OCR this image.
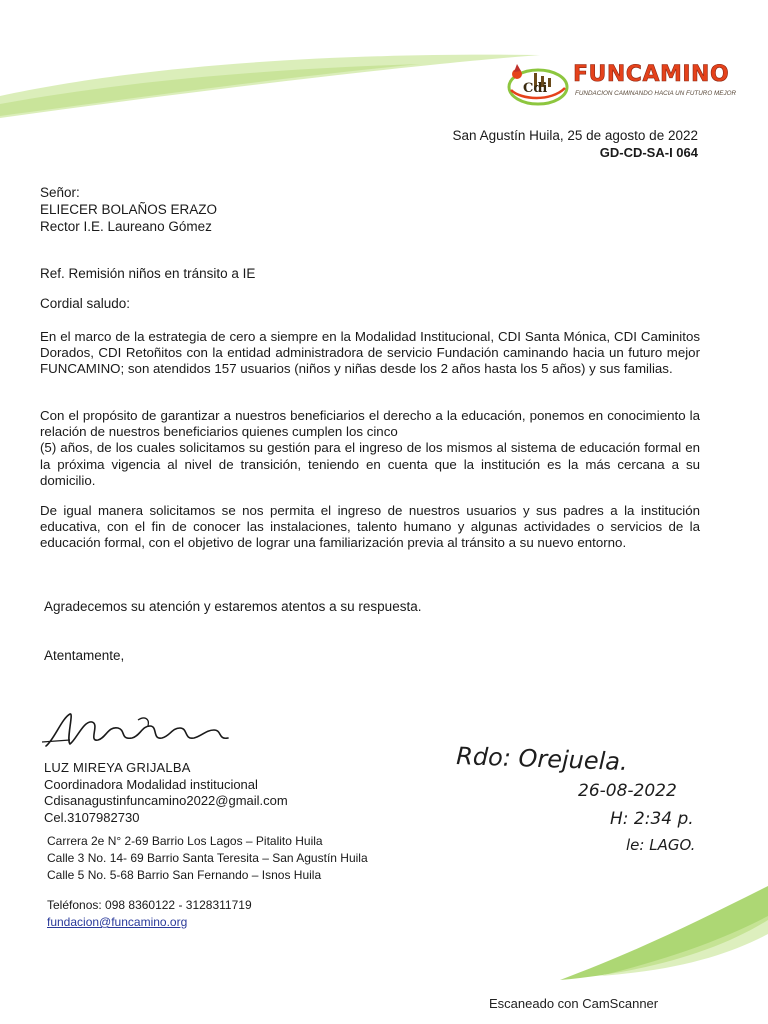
Cdi
FUNCAMINO
FUNDACION CAMINANDO HACIA UN FUTURO MEJOR
San Agustín Huila, 25 de agosto de 2022
GD-CD-SA-I 064
Señor:
ELIECER BOLAÑOS ERAZO
Rector I.E. Laureano Gómez
Ref. Remisión niños en tránsito a IE
Cordial saludo:

En el marco de la estrategia de cero a siempre en la Modalidad Institucional, CDI Santa Mónica, CDI Caminitos Dorados, CDI Retoñitos con la entidad administradora de servicio Fundación caminando hacia un futuro mejor FUNCAMINO; son atendidos 157 usuarios (niños y niñas desde los 2 años hasta los 5 años) y sus familias.

Con el propósito de garantizar a nuestros beneficiarios el derecho a la educación, ponemos en conocimiento la relación de nuestros beneficiarios quienes cumplen los cinco
(5) años, de los cuales solicitamos su gestión para el ingreso de los mismos al sistema de educación formal en la próxima vigencia al nivel de transición, teniendo en cuenta que la institución es la más cercana a su domicilio.

De igual manera solicitamos se nos permita el ingreso de nuestros usuarios y sus padres a la institución educativa, con el fin de conocer las instalaciones, talento humano y algunas actividades o servicios de la educación formal, con el objetivo de lograr una familiarización previa al tránsito a su nuevo entorno.

Agradecemos su atención y estaremos atentos a su respuesta.
Atentamente,
LUZ MIREYA GRIJALBA
Coordinadora Modalidad institucional
Cdisanagustinfuncamino2022@gmail.com
Cel.3107982730
Carrera 2e N° 2-69 Barrio Los Lagos – Pitalito Huila
Calle 3 No. 14- 69 Barrio Santa Teresita – San Agustín Huila
Calle 5 No. 5-68 Barrio San Fernando – Isnos Huila
Teléfonos: 098 8360122 - 3128311719
fundacion@funcamino.org
Rdo: Orejuela.
26-08-2022
H: 2:34 p.
le: LAGO.
Escaneado con CamScanner
